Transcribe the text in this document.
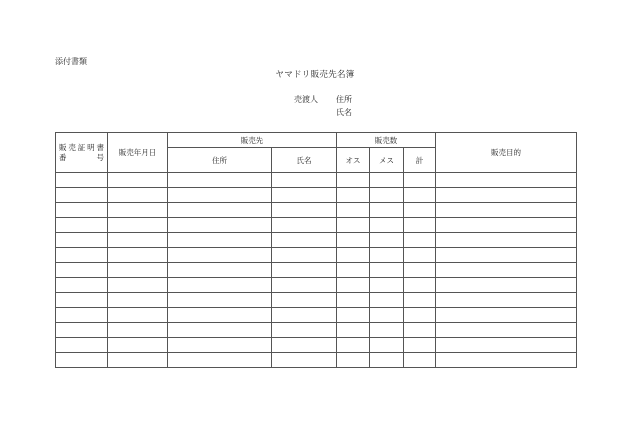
添付書類
ヤマドリ販売先名簿
売渡人 住所
氏名
販売証明書
番　号	販売年月日	販売先		販売数			販売目的
		住所	氏名	オス	メス	計	
